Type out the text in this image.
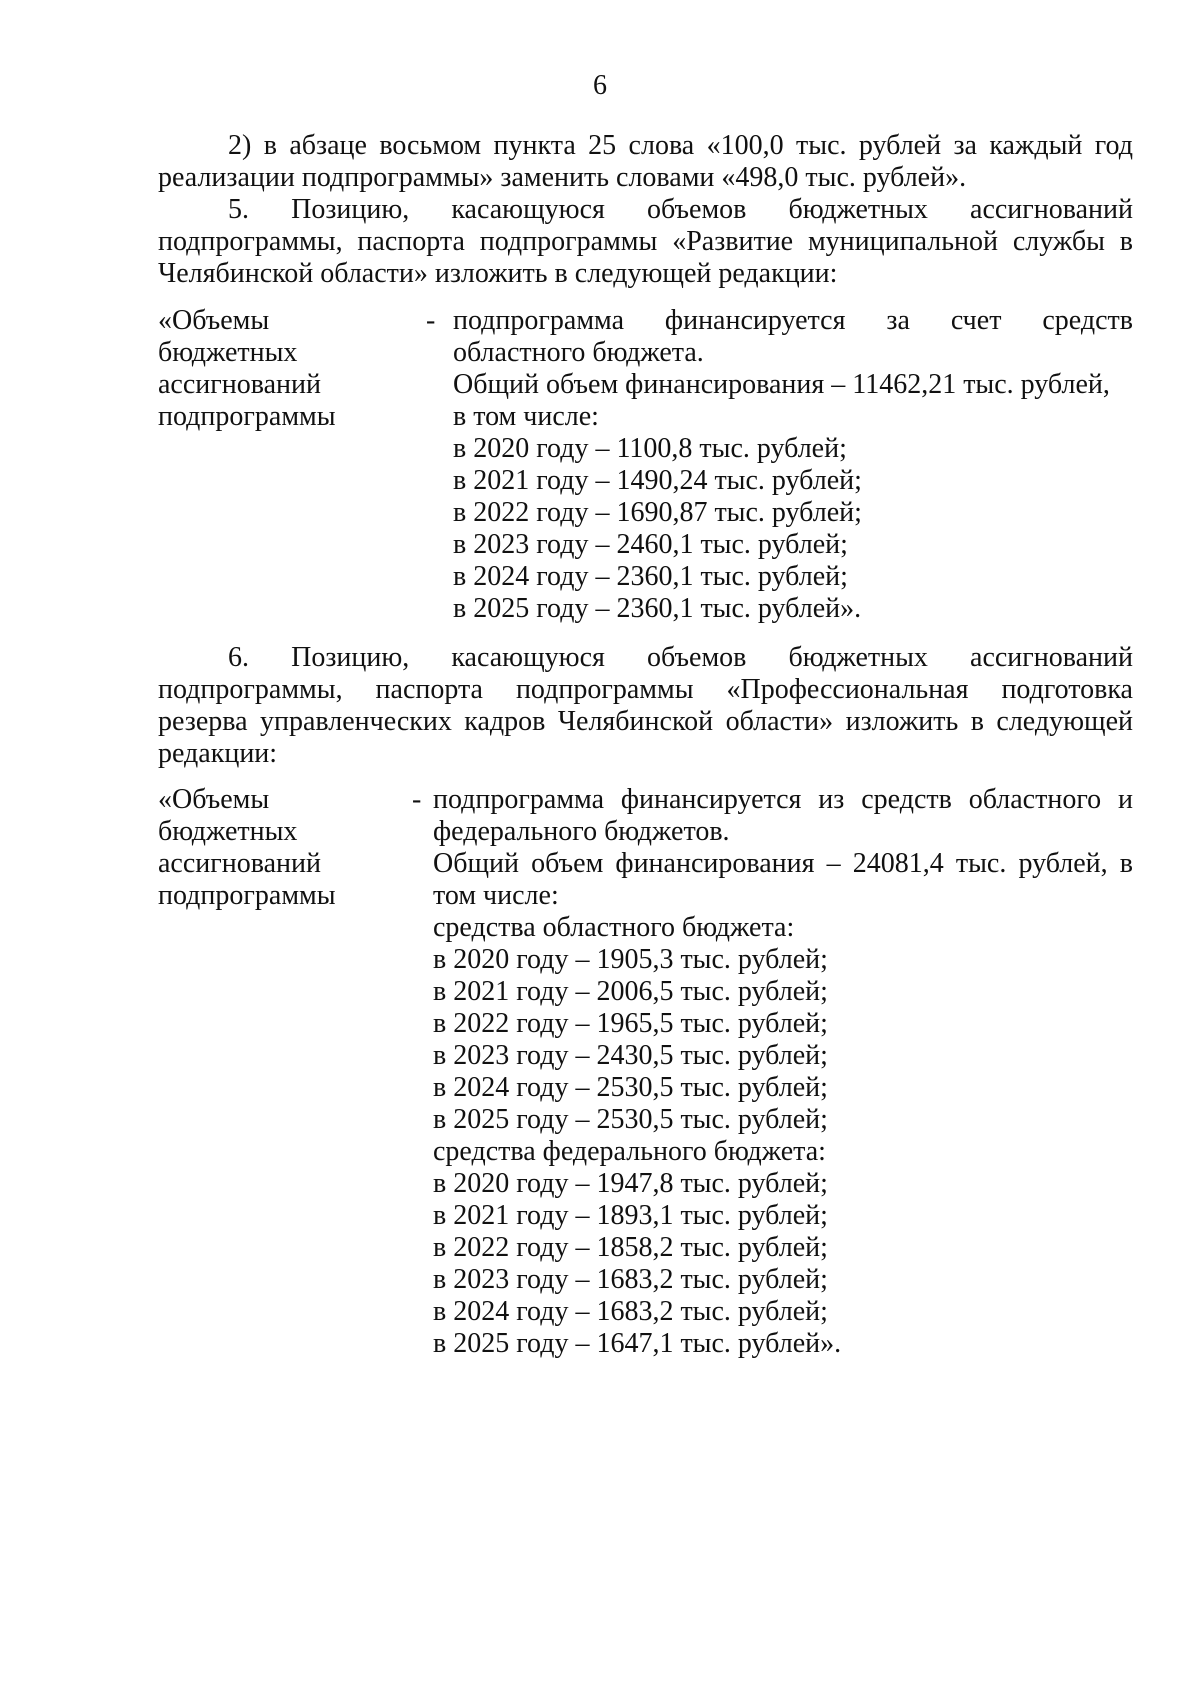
6
2) в абзаце восьмом пункта 25 слова «100,0 тыс. рублей за каждый год
реализации подпрограммы» заменить словами «498,0 тыс. рублей».
5. Позицию, касающуюся объемов бюджетных ассигнований
подпрограммы, паспорта подпрограммы «Развитие муниципальной службы в
Челябинской области» изложить в следующей редакции:
«Объемы
бюджетных
ассигнований
подпрограммы
- подпрограмма финансируется за счет средств
областного бюджета.
Общий объем финансирования – 11462,21 тыс. рублей,
в том числе:
в 2020 году – 1100,8 тыс. рублей;
в 2021 году – 1490,24 тыс. рублей;
в 2022 году – 1690,87 тыс. рублей;
в 2023 году – 2460,1 тыс. рублей;
в 2024 году – 2360,1 тыс. рублей;
в 2025 году – 2360,1 тыс. рублей».
6. Позицию, касающуюся объемов бюджетных ассигнований
подпрограммы, паспорта подпрограммы «Профессиональная подготовка
резерва управленческих кадров Челябинской области» изложить в следующей
редакции:
«Объемы
бюджетных
ассигнований
подпрограммы
- подпрограмма финансируется из средств областного и
федерального бюджетов.
Общий объем финансирования – 24081,4 тыс. рублей, в
том числе:
средства областного бюджета:
в 2020 году – 1905,3 тыс. рублей;
в 2021 году – 2006,5 тыс. рублей;
в 2022 году – 1965,5 тыс. рублей;
в 2023 году – 2430,5 тыс. рублей;
в 2024 году – 2530,5 тыс. рублей;
в 2025 году – 2530,5 тыс. рублей;
средства федерального бюджета:
в 2020 году – 1947,8 тыс. рублей;
в 2021 году – 1893,1 тыс. рублей;
в 2022 году – 1858,2 тыс. рублей;
в 2023 году – 1683,2 тыс. рублей;
в 2024 году – 1683,2 тыс. рублей;
в 2025 году – 1647,1 тыс. рублей».
